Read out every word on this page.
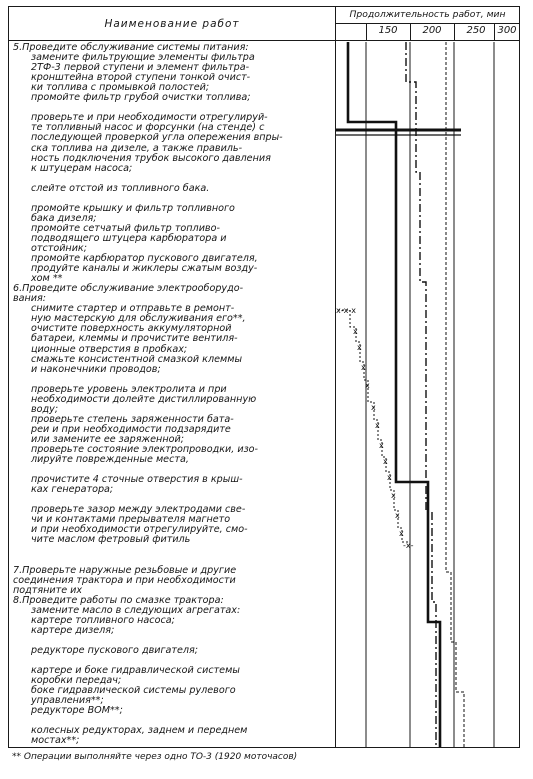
Наименование работ
Продолжительность работ, мин
150 200 250 300
5.Проведите обслуживание системы питания:
замените фильтрующие элементы фильтра
2ТФ-3 первой ступени и элемент фильтра-
кронштейна второй ступени тонкой очист-
ки топлива с промывкой полостей;
промойте фильтр грубой очистки топлива;
проверьте и при необходимости отрегулируй-
те топливный насос и форсунки (на стенде) с
последующей проверкой угла опережения впры-
ска топлива на дизеле, а также правиль-
ность подключения трубок высокого давления
к штуцерам насоса;
слейте отстой из топливного бака.
промойте крышку и фильтр топливного
бака дизеля;
промойте сетчатый фильтр топливо-
подводящего штуцера карбюратора и
отстойник;
промойте карбюратор пускового двигателя,
продуйте каналы и жиклеры сжатым возду-
хом **
6.Проведите обслуживание электрооборудо-
вания:
снимите стартер и отправьте в ремонт-
ную мастерскую для обслуживания его**,
очистите поверхность аккумуляторной
батареи, клеммы и прочистите вентиля-
ционные отверстия в пробках;
смажьте консистентной смазкой клеммы
и наконечники проводов;
проверьте уровень электролита и при
необходимости долейте дистиллированную
воду;
проверьте степень заряженности бата-
реи и при необходимости подзарядите
или замените ее заряженной;
проверьте состояние электропроводки, изо-
лируйте поврежденные места,
прочистите 4 сточные отверстия в крыш-
ках генераторa;
проверьте зазор между электродами све-
чи и контактами прерывателя магнето
и при необходимости отрегулируйте, смо-
чите маслом фетровый фитиль
7.Проверьте наружные резьбовые и другие
соединения трактора и при необходимости
подтяните их
8.Проведите работы по смазке трактора:
замените масло в следующих агрегатах:
картере топливного насоса;
картере дизеля;
редукторе пускового двигателя;
картере и боке гидравлической системы
коробки передач;
боке гидравлической системы рулевого
управления**;
редукторе ВОМ**;
колесных редукторах, заднем и переднем
мостах**;
x-x-x
x
x
x
x
x
x
x
x
x
x
x
x
-x-
** Операции выполняйте через одно ТО-3 (1920 моточасов)
